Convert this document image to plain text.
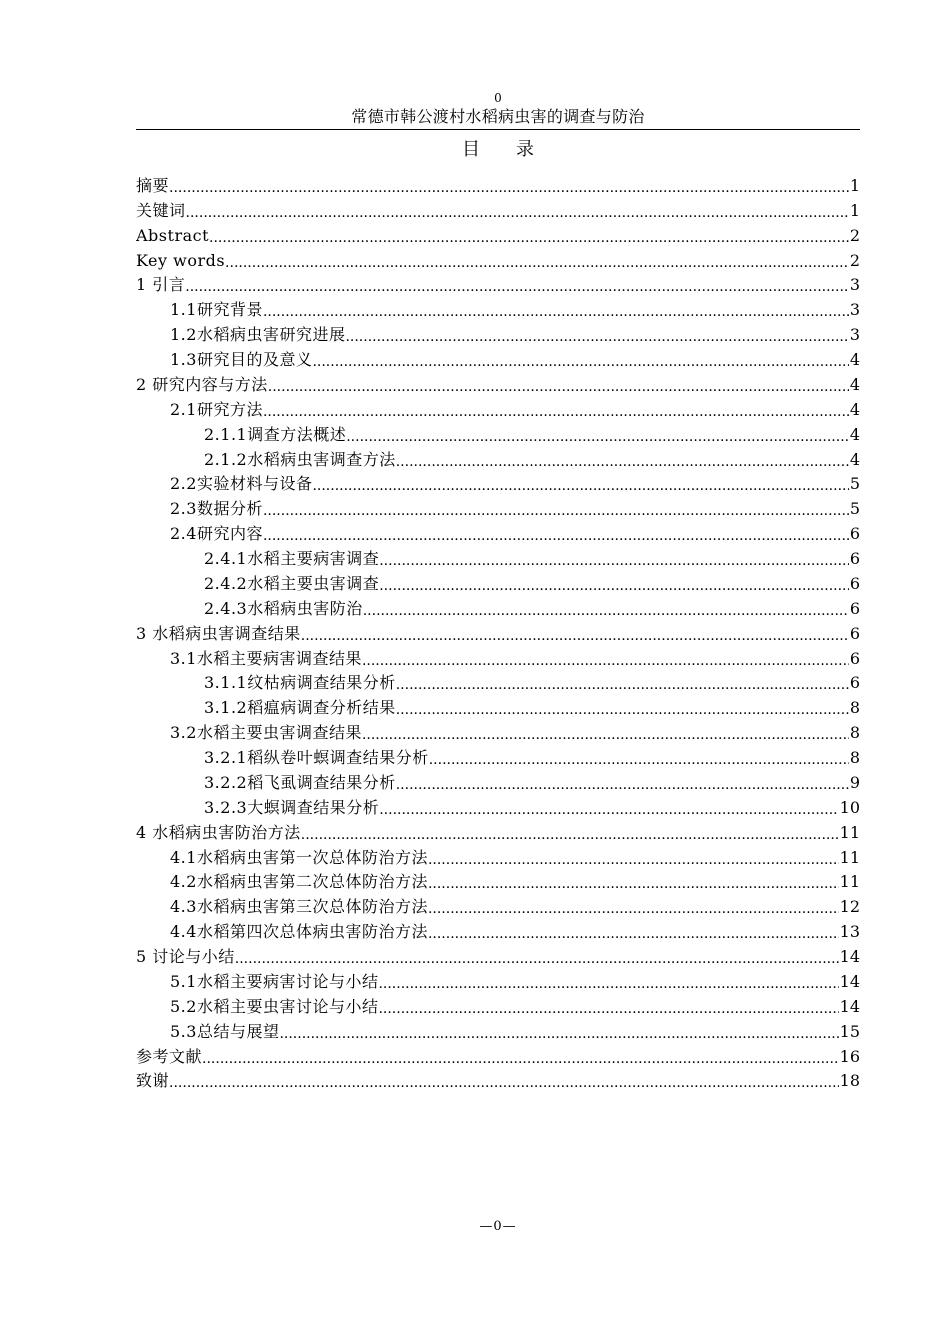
0
常德市韩公渡村水稻病虫害的调查与防治
目录
摘要 .....	1
关键词 .....	1
Abstract .....	2
Key words .....	2
1 引言 .....	3
1.1研究背景 .....	3
1.2水稻病虫害研究进展 .....	3
1.3研究目的及意义 .....	4
2 研究内容与方法 .....	4
2.1研究方法 .....	4
2.1.1调查方法概述 .....	4
2.1.2水稻病虫害调查方法 .....	4
2.2实验材料与设备 .....	5
2.3数据分析 .....	5
2.4研究内容 .....	6
2.4.1水稻主要病害调查 .....	6
2.4.2水稻主要虫害调查 .....	6
2.4.3水稻病虫害防治 .....	6
3 水稻病虫害调查结果 .....	6
3.1水稻主要病害调查结果 .....	6
3.1.1纹枯病调查结果分析 .....	6
3.1.2稻瘟病调查分析结果 .....	8
3.2水稻主要虫害调查结果 .....	8
3.2.1稻纵卷叶螟调查结果分析 .....	8
3.2.2稻飞虱调查结果分析 .....	9
3.2.3大螟调查结果分析 .....	10
4 水稻病虫害防治方法 .....	11
4.1水稻病虫害第一次总体防治方法 .....	11
4.2水稻病虫害第二次总体防治方法 .....	11
4.3水稻病虫害第三次总体防治方法 .....	12
4.4水稻第四次总体病虫害防治方法 .....	13
5 讨论与小结 .....	14
5.1水稻主要病害讨论与小结 .....	14
5.2水稻主要虫害讨论与小结 .....	14
5.3总结与展望 .....	15
参考文献 .....	16
致谢 .....	18
—0—
